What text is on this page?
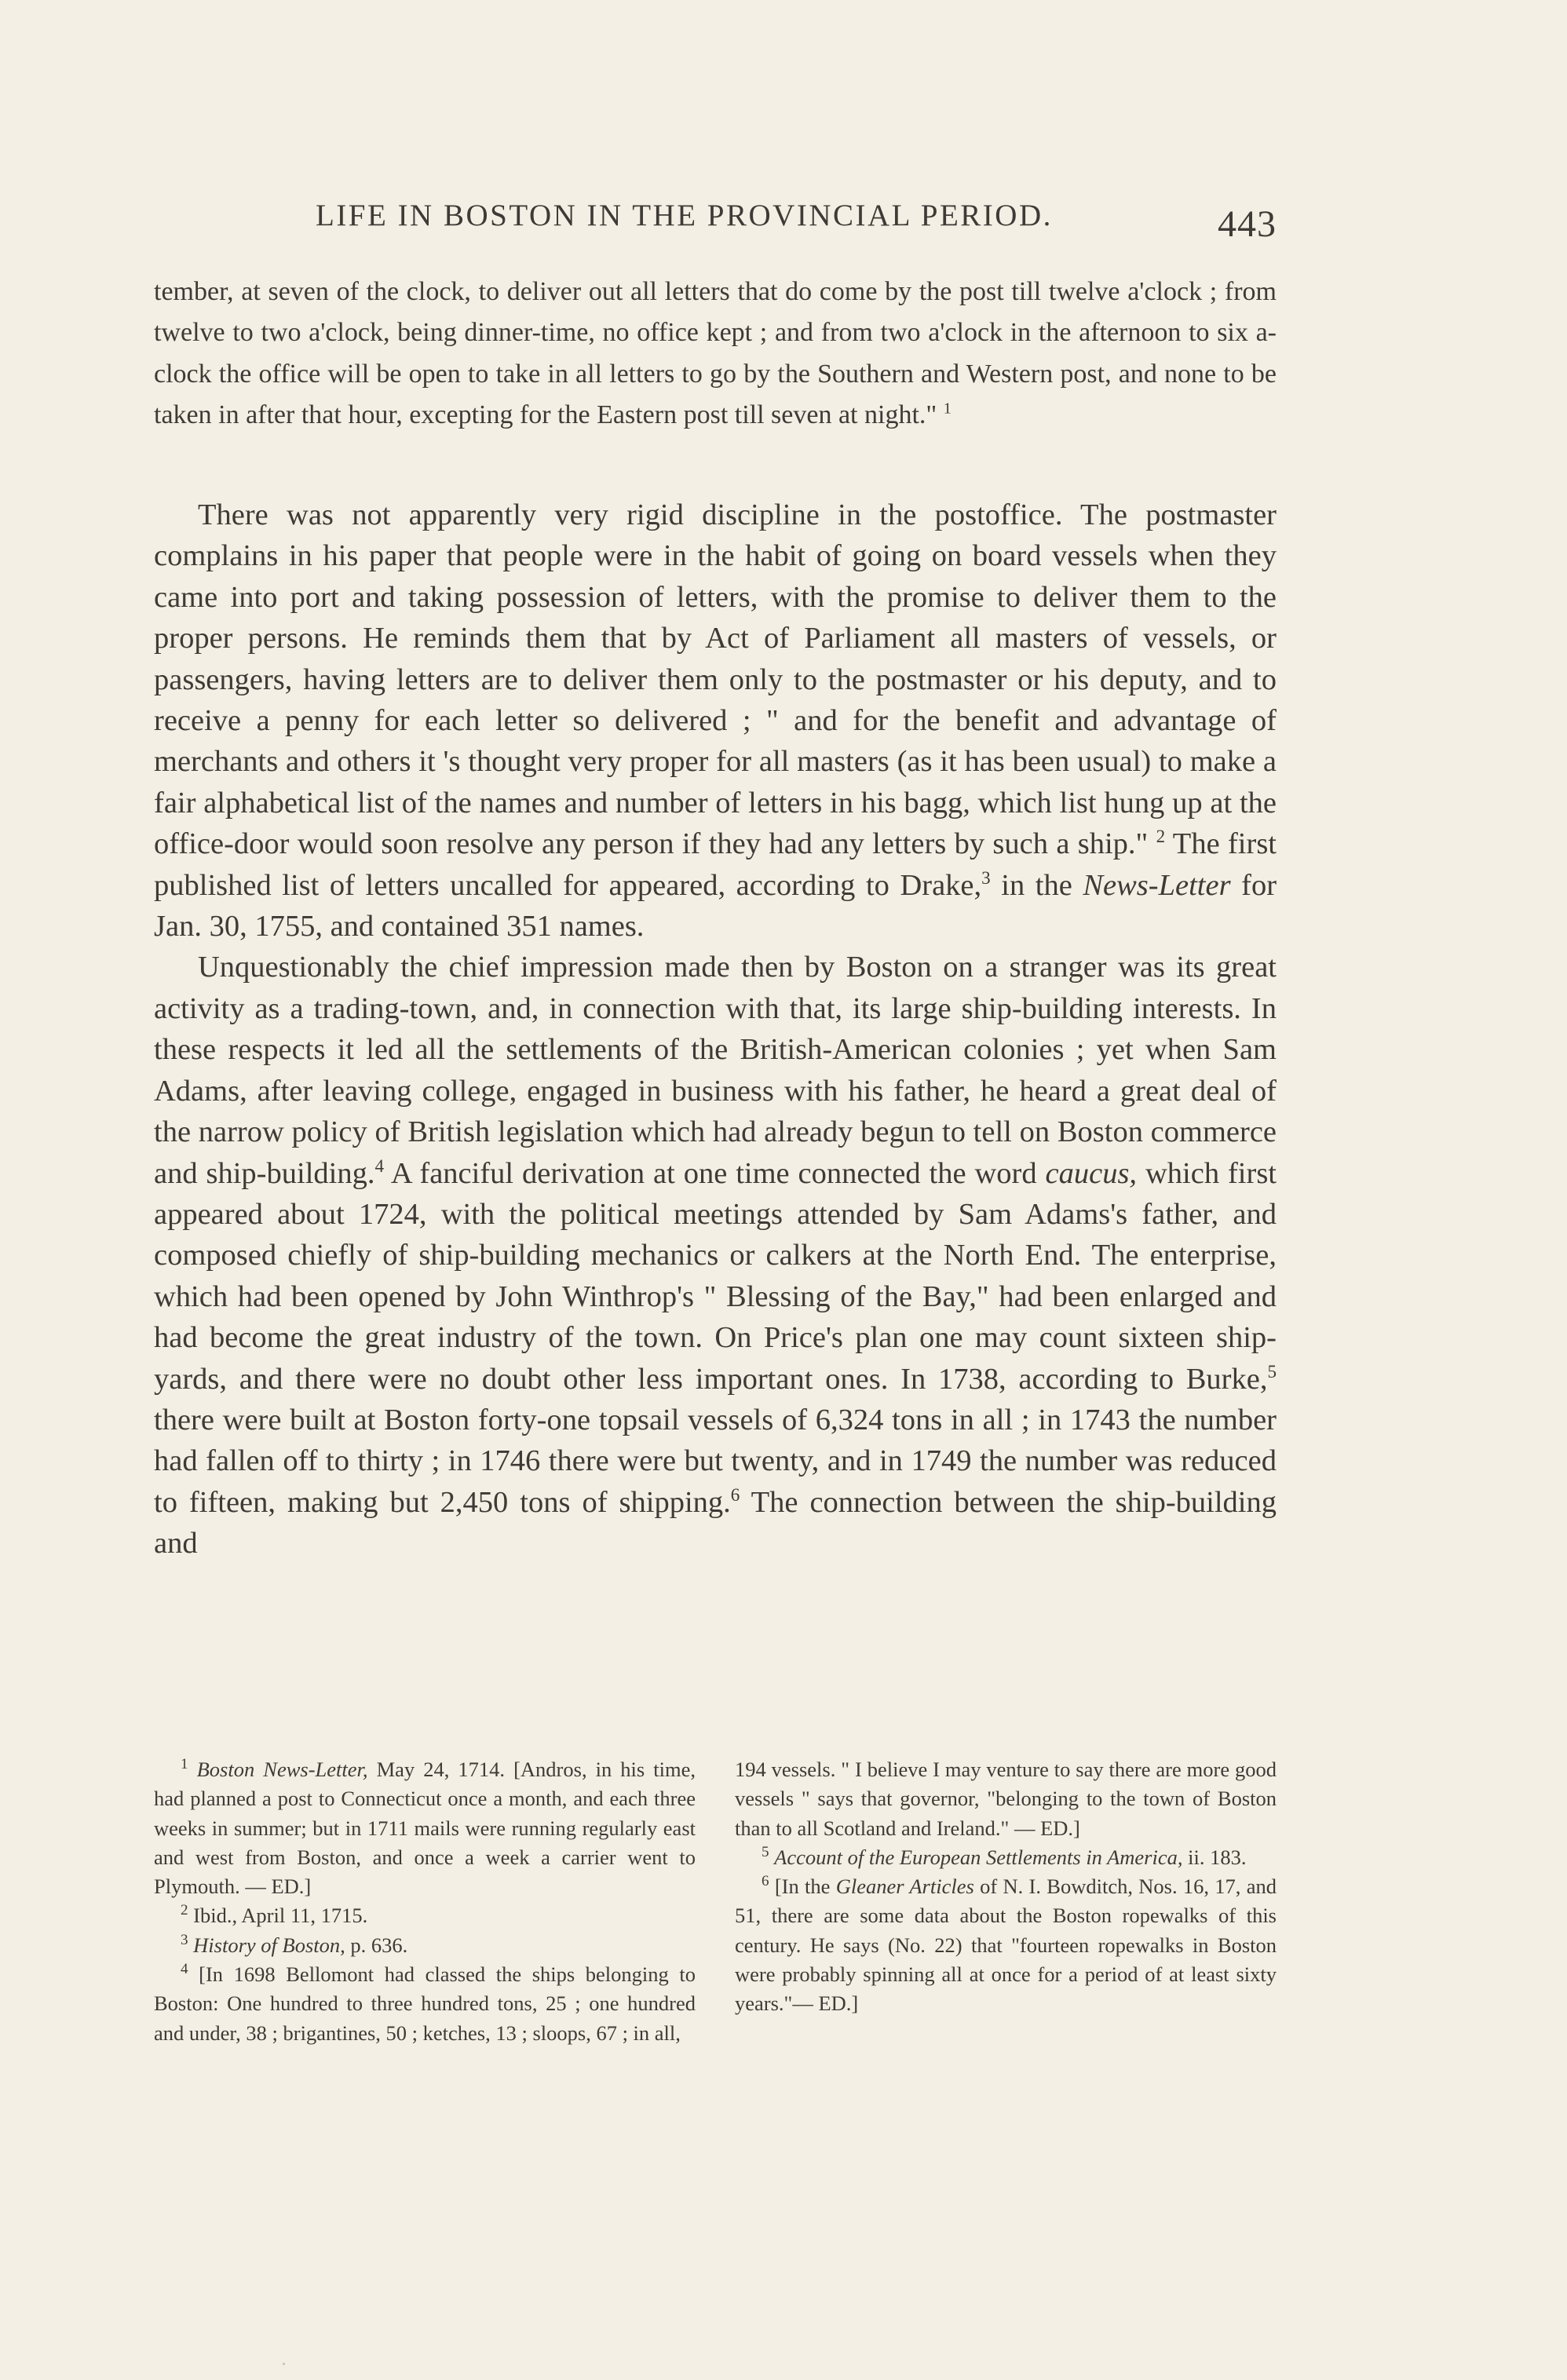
LIFE IN BOSTON IN THE PROVINCIAL PERIOD.	443
tember, at seven of the clock, to deliver out all letters that do come by the post till twelve a'clock ; from twelve to two a'clock, being dinner-time, no office kept ; and from two a'clock in the afternoon to six a-clock the office will be open to take in all letters to go by the Southern and Western post, and none to be taken in after that hour, excepting for the Eastern post till seven at night." $^1$

There was not apparently very rigid discipline in the postoffice. The postmaster complains in his paper that people were in the habit of going on board vessels when they came into port and taking possession of letters, with the promise to deliver them to the proper persons. He reminds them that by Act of Parliament all masters of vessels, or passengers, having letters are to deliver them only to the postmaster or his deputy, and to receive a penny for each letter so delivered ; " and for the benefit and advantage of merchants and others it 's thought very proper for all masters (as it has been usual) to make a fair alphabetical list of the names and number of letters in his bagg, which list hung up at the office-door would soon resolve any person if they had any letters by such a ship." $^2$ The first published list of letters uncalled for appeared, according to Drake,$^3$ in the News-Letter for Jan. 30, 1755, and contained 351 names.

Unquestionably the chief impression made then by Boston on a stranger was its great activity as a trading-town, and, in connection with that, its large ship-building interests. In these respects it led all the settlements of the British-American colonies ; yet when Sam Adams, after leaving college, engaged in business with his father, he heard a great deal of the narrow policy of British legislation which had already begun to tell on Boston commerce and ship-building.$^4$ A fanciful derivation at one time connected the word caucus, which first appeared about 1724, with the political meetings attended by Sam Adams's father, and composed chiefly of ship-building mechanics or calkers at the North End. The enterprise, which had been opened by John Winthrop's " Blessing of the Bay," had been enlarged and had become the great industry of the town. On Price's plan one may count sixteen ship-yards, and there were no doubt other less important ones. In 1738, according to Burke,$^5$ there were built at Boston forty-one topsail vessels of 6,324 tons in all ; in 1743 the number had fallen off to thirty ; in 1746 there were but twenty, and in 1749 the number was reduced to fifteen, making but 2,450 tons of shipping.$^6$ The connection between the ship-building and

$^1$ Boston News-Letter, May 24, 1714. [Andros, in his time, had planned a post to Connecticut once a month, and each three weeks in summer; but in 1711 mails were running regularly east and west from Boston, and once a week a carrier went to Plymouth. — ED.]

$^2$ Ibid., April 11, 1715.

$^3$ History of Boston, p. 636.

$^4$ [In 1698 Bellomont had classed the ships belonging to Boston: One hundred to three hundred tons, 25 ; one hundred and under, 38 ; brigantines, 50 ; ketches, 13 ; sloops, 67 ; in all,

194 vessels. " I believe I may venture to say there are more good vessels " says that governor, "belonging to the town of Boston than to all Scotland and Ireland." — ED.]

$^5$ Account of the European Settlements in America, ii. 183.

$^6$ [In the Gleaner Articles of N. I. Bowditch, Nos. 16, 17, and 51, there are some data about the Boston ropewalks of this century. He says (No. 22) that "fourteen ropewalks in Boston were probably spinning all at once for a period of at least sixty years."— ED.]
